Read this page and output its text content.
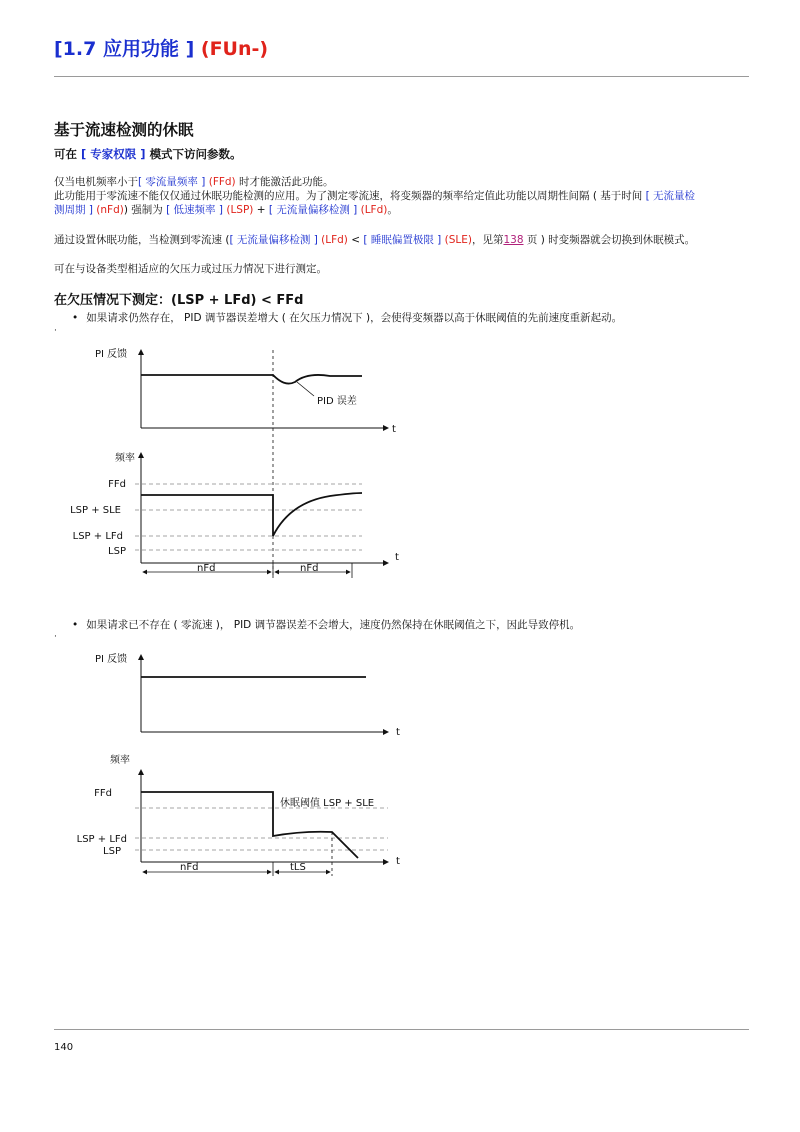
[1.7 应用功能 ] (FUn-)
基于流速检测的休眠
可在 [ 专家权限 ] 模式下访问参数。
仅当电机频率小于[ 零流量频率 ] (FFd) 时才能激活此功能。
此功能用于零流速不能仅仅通过休眠功能检测的应用。为了测定零流速，将变频器的频率给定值此功能以周期性间隔 ( 基于时间 [ 无流量检
测周期 ] (nFd)) 强制为 [ 低速频率 ] (LSP) + [ 无流量偏移检测 ] (LFd)。
通过设置休眠功能，当检测到零流速 ([ 无流量偏移检测 ] (LFd) < [ 睡眠偏置极限 ] (SLE)，见第138 页 ) 时变频器就会切换到休眠模式。
可在与设备类型相适应的欠压力或过压力情况下进行测定。
在欠压情况下测定：(LSP + LFd) < FFd
• 如果请求仍然存在， PID 调节器误差增大 ( 在欠压力情况下 )，会使得变频器以高于休眠阈值的先前速度重新起动。
·
PI 反馈
t
PID 误差
频率
t
FFd
LSP + SLE
LSP + LFd
LSP
nFd	nFd
• 如果请求已不存在 ( 零流速 )， PID 调节器误差不会增大，速度仍然保持在休眠阈值之下，因此导致停机。
·
PI 反馈
t
频率
t
FFd
休眠阈值 LSP + SLE
LSP + LFd
LSP
nFd	tLS
140
